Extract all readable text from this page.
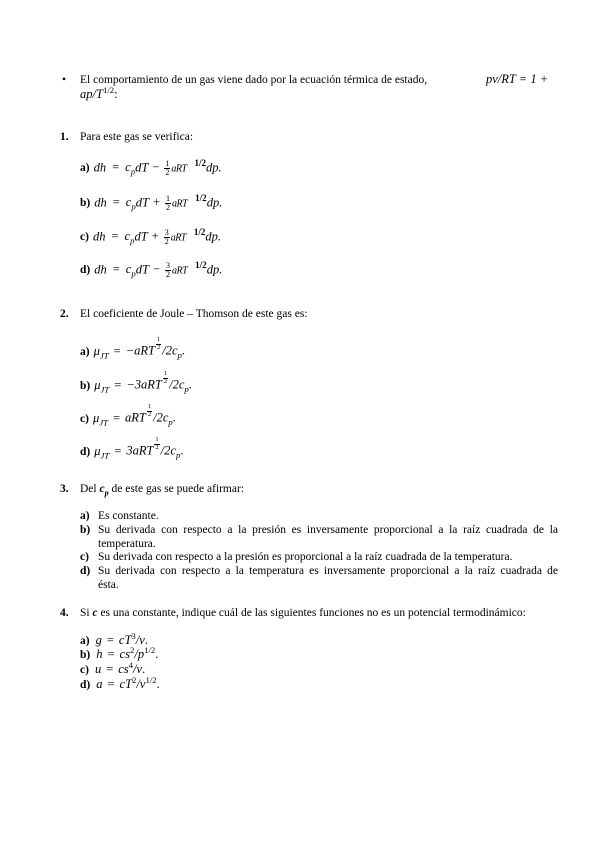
• El comportamiento de un gas viene dado por la ecuación térmica de estado,	pv/RT = 1 +
$ap/T^{1/2}$:
1. Para este gas se verifica:
a) dh = $c_pdT - \frac{1}{2}$ aRT $^{1/2}$dp.
b) dh = $c_pdT + \frac{1}{2}$ aRT $^{1/2}$dp.
c) dh = $c_pdT + \frac{3}{2}$ aRT $^{1/2}$dp.
d) dh = $c_pdT - \frac{3}{2}$ aRT $^{1/2}$dp.
2. El coeficiente de Joule – Thomson de este gas es:
a) $\mu_{JT} = -aRT \frac{1}{2} /2c_p$.
b) $\mu_{JT} = -3aRT \frac{1}{2} /2c_p$.
c) $\mu_{JT}$ = aRT $\frac{1}{2} /2c_p$.
d) $\mu_{JT} = 3aRT \frac{1}{2} /2c_p$.
3. Del $c_p$ de este gas se puede afirmar:
a) Es constante.
b) Su derivada con respecto a la presión es inversamente proporcional a la raíz cuadrada de la
temperatura.
c) Su derivada con respecto a la presión es proporcional a la raíz cuadrada de la temperatura.
d) Su derivada con respecto a la temperatura es inversamente proporcional a la raíz cuadrada de
ésta.
4. Si c es una constante, indique cuál de las siguientes funciones no es un potencial termodinámico:
a) $g = cT^3/v$.
b) $h = cs^2/p^{1/2}$.
c) $u = cs^4/v$.
d) $a = cT^2/v^{1/2}$.
